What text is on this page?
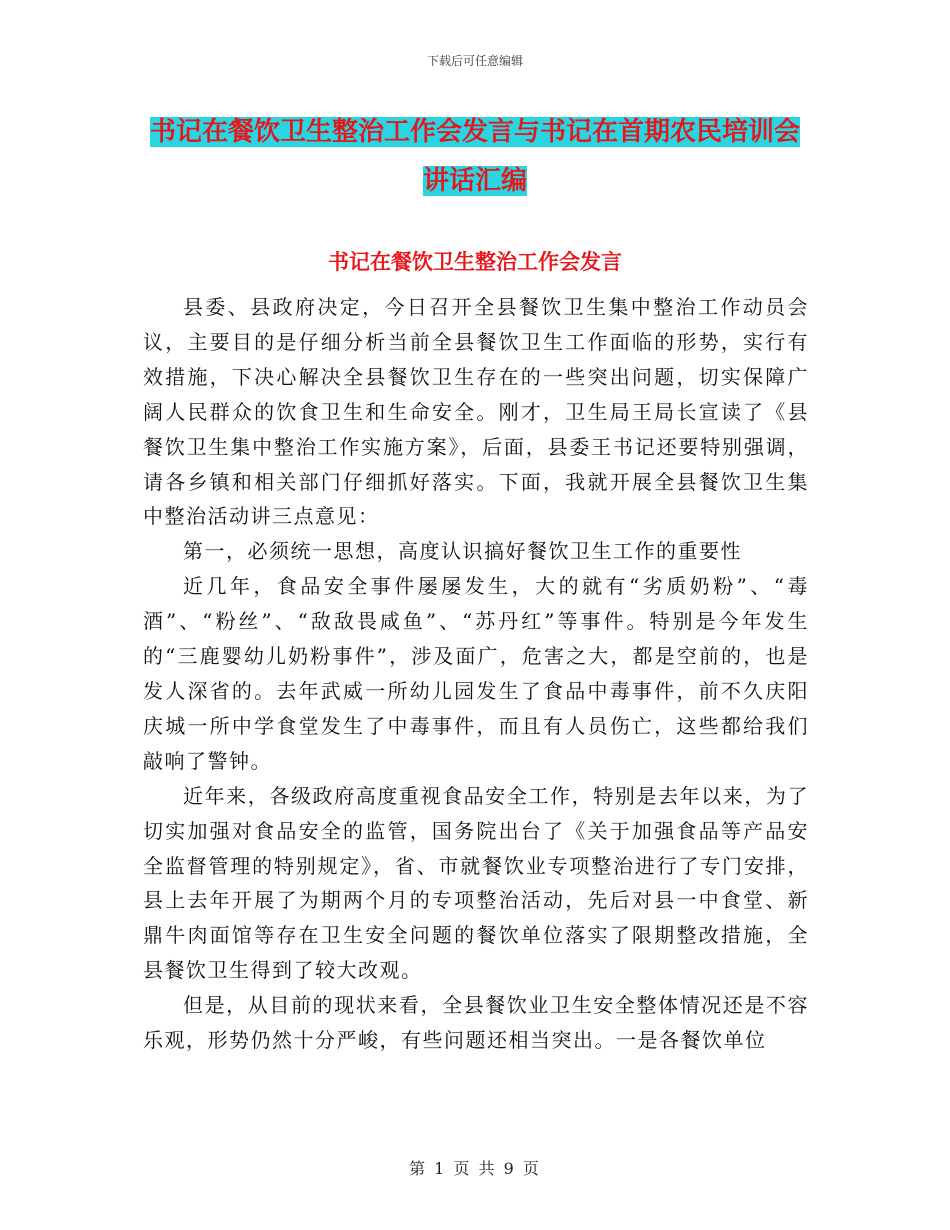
下载后可任意编辑
书记在餐饮卫生整治工作会发言与书记在首期农民培训会讲话汇编
书记在餐饮卫生整治工作会发言

县委、县政府决定，今日召开全县餐饮卫生集中整治工作动员会议，主要目的是仔细分析当前全县餐饮卫生工作面临的形势，实行有效措施，下决心解决全县餐饮卫生存在的一些突出问题，切实保障广阔人民群众的饮食卫生和生命安全。刚才，卫生局王局长宣读了《县餐饮卫生集中整治工作实施方案》，后面，县委王书记还要特别强调，请各乡镇和相关部门仔细抓好落实。下面，我就开展全县餐饮卫生集中整治活动讲三点意见：

第一，必须统一思想，高度认识搞好餐饮卫生工作的重要性

近几年，食品安全事件屡屡发生，大的就有“劣质奶粉”、“毒酒”、“粉丝”、“敌敌畏咸鱼”、“苏丹红”等事件。特别是今年发生的“三鹿婴幼儿奶粉事件”，涉及面广，危害之大，都是空前的，也是发人深省的。去年武威一所幼儿园发生了食品中毒事件，前不久庆阳庆城一所中学食堂发生了中毒事件，而且有人员伤亡，这些都给我们敲响了警钟。

近年来，各级政府高度重视食品安全工作，特别是去年以来，为了切实加强对食品安全的监管，国务院出台了《关于加强食品等产品安全监督管理的特别规定》，省、市就餐饮业专项整治进行了专门安排，县上去年开展了为期两个月的专项整治活动，先后对县一中食堂、新鼎牛肉面馆等存在卫生安全问题的餐饮单位落实了限期整改措施，全县餐饮卫生得到了较大改观。

但是，从目前的现状来看，全县餐饮业卫生安全整体情况还是不容乐观，形势仍然十分严峻，有些问题还相当突出。一是各餐饮单位

第 1 页 共 9 页
